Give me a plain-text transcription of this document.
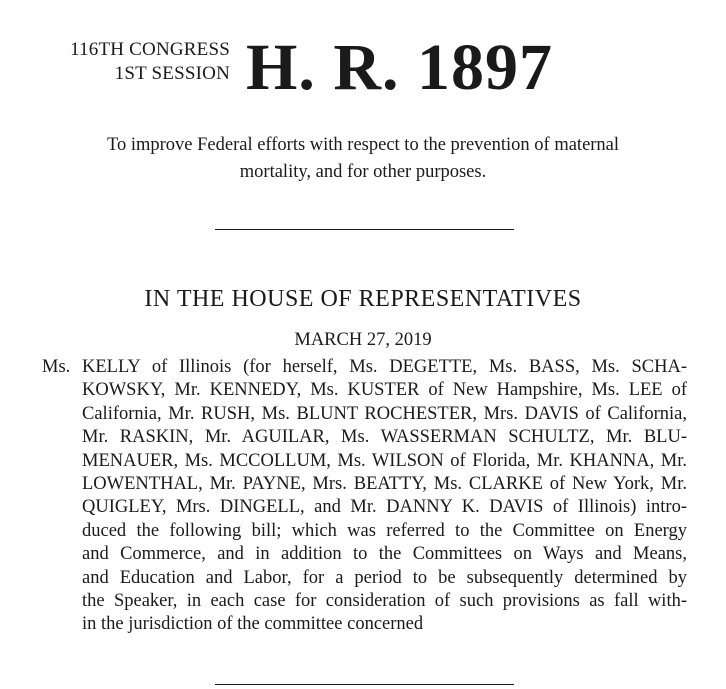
116TH CONGRESS
1ST SESSION H. R. 1897
To improve Federal efforts with respect to the prevention of maternal
mortality, and for other purposes.
IN THE HOUSE OF REPRESENTATIVES
MARCH 27, 2019
Ms. KELLY of Illinois (for herself, Ms. DEGETTE, Ms. BASS, Ms. SCHA-
KOWSKY, Mr. KENNEDY, Ms. KUSTER of New Hampshire, Ms. LEE of
California, Mr. RUSH, Ms. BLUNT ROCHESTER, Mrs. DAVIS of California,
Mr. RASKIN, Mr. AGUILAR, Ms. WASSERMAN SCHULTZ, Mr. BLU-
MENAUER, Ms. MCCOLLUM, Ms. WILSON of Florida, Mr. KHANNA, Mr.
LOWENTHAL, Mr. PAYNE, Mrs. BEATTY, Ms. CLARKE of New York, Mr.
QUIGLEY, Mrs. DINGELL, and Mr. DANNY K. DAVIS of Illinois) intro-
duced the following bill; which was referred to the Committee on Energy
and Commerce, and in addition to the Committees on Ways and Means,
and Education and Labor, for a period to be subsequently determined by
the Speaker, in each case for consideration of such provisions as fall with-
in the jurisdiction of the committee concerned
